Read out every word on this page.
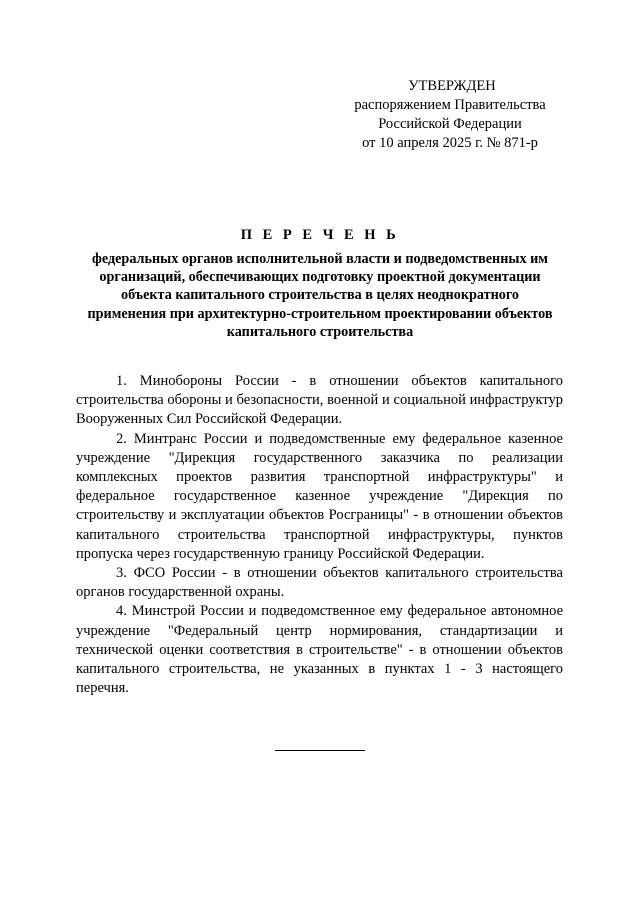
УТВЕРЖДЕН
распоряжением Правительства
Российской Федерации
от 10 апреля 2025 г. № 871-р
П Е Р Е Ч Е Н Ь
федеральных органов исполнительной власти и подведомственных им организаций, обеспечивающих подготовку проектной документации объекта капитального строительства в целях неоднократного применения при архитектурно-строительном проектировании объектов капитального строительства

1. Минобороны России - в отношении объектов капитального строительства обороны и безопасности, военной и социальной инфраструктур Вооруженных Сил Российской Федерации.

2. Минтранс России и подведомственные ему федеральное казенное учреждение "Дирекция государственного заказчика по реализации комплексных проектов развития транспортной инфраструктуры" и федеральное государственное казенное учреждение "Дирекция по строительству и эксплуатации объектов Росграницы" - в отношении объектов капитального строительства транспортной инфраструктуры, пунктов пропуска через государственную границу Российской Федерации.

3. ФСО России - в отношении объектов капитального строительства органов государственной охраны.

4. Минстрой России и подведомственное ему федеральное автономное учреждение "Федеральный центр нормирования, стандартизации и технической оценки соответствия в строительстве" - в отношении объектов капитального строительства, не указанных в пунктах 1 - 3 настоящего перечня.
